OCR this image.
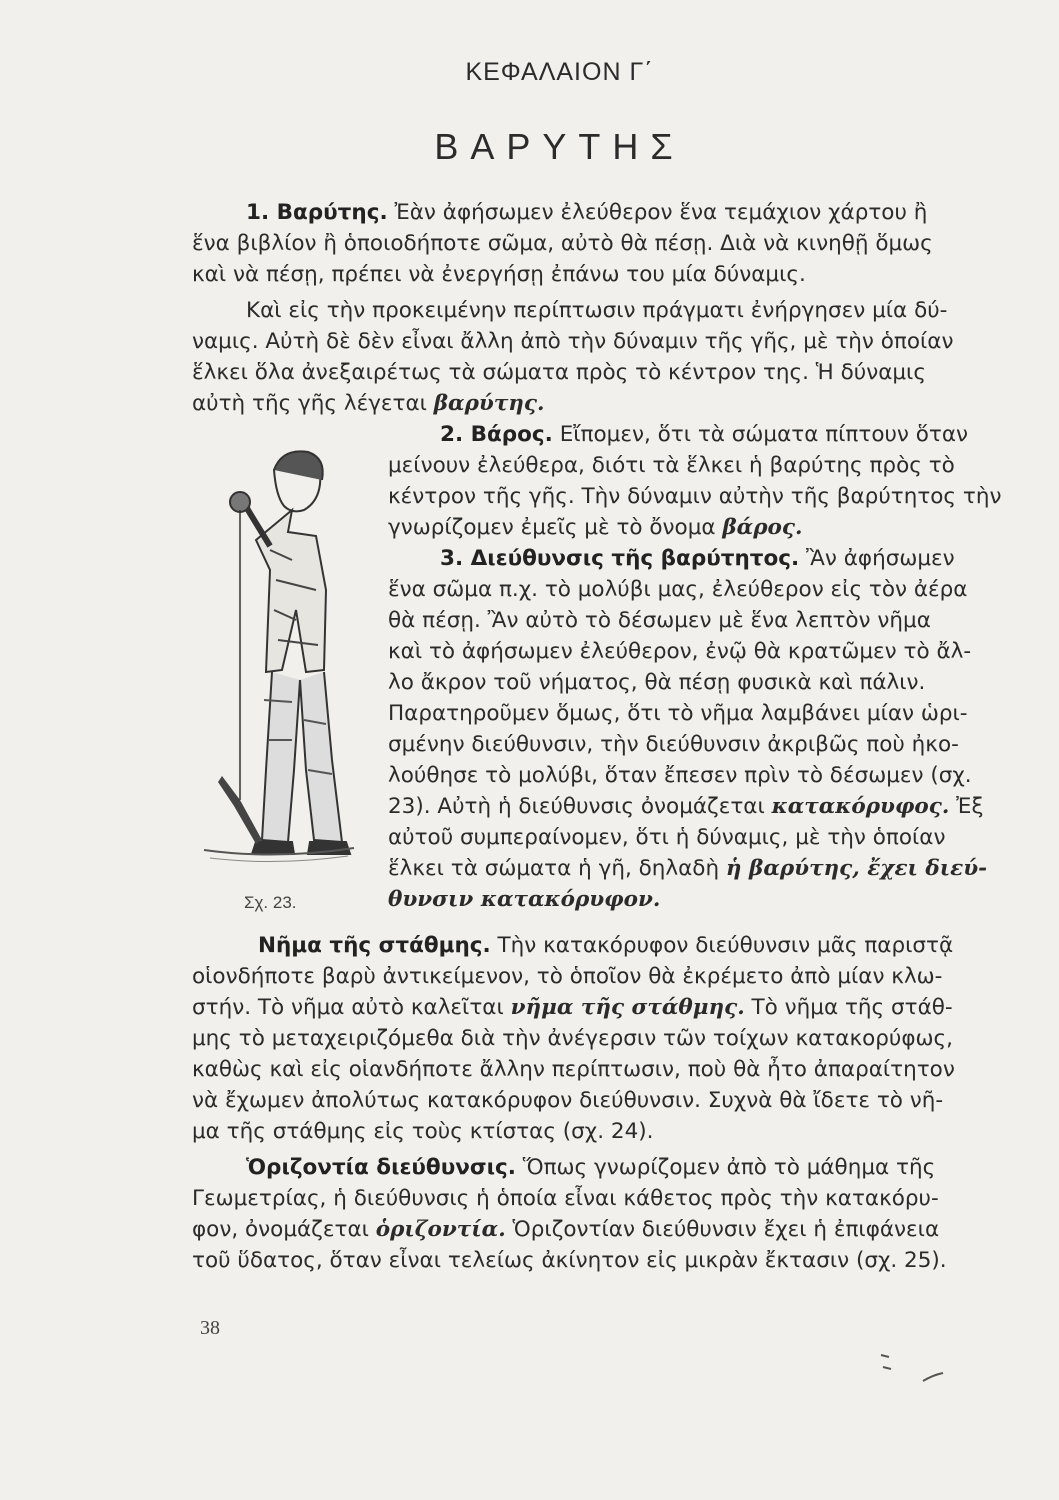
ΚΕΦΑΛΑΙΟΝ Γ΄
ΒΑΡΥΤΗΣ
1. Βαρύτης. Ἐὰν ἀφήσωμεν ἐλεύθερον ἕνα τεμάχιον χάρτου ἢ
ἕνα βιβλίον ἢ ὁποιοδήποτε σῶμα, αὐτὸ θὰ πέσῃ. Διὰ νὰ κινηθῇ ὅμως
καὶ νὰ πέσῃ, πρέπει νὰ ἐνεργήσῃ ἐπάνω του μία δύναμις.
Καὶ εἰς τὴν προκειμένην περίπτωσιν πράγματι ἐνήργησεν μία δύ-
ναμις. Αὐτὴ δὲ δὲν εἶναι ἄλλη ἀπὸ τὴν δύναμιν τῆς γῆς, μὲ τὴν ὁποίαν
ἕλκει ὅλα ἀνεξαιρέτως τὰ σώματα πρὸς τὸ κέντρον της. Ἡ δύναμις
αὐτὴ τῆς γῆς λέγεται βαρύτης.
2. Βάρος. Εἴπομεν, ὅτι τὰ σώματα πίπτουν ὅταν
μείνουν ἐλεύθερα, διότι τὰ ἕλκει ἡ βαρύτης πρὸς τὸ
κέντρον τῆς γῆς. Τὴν δύναμιν αὐτὴν τῆς βαρύτητος τὴν
γνωρίζομεν ἐμεῖς μὲ τὸ ὄνομα βάρος.
3. Διεύθυνσις τῆς βαρύτητος. Ἂν ἀφήσωμεν
ἕνα σῶμα π.χ. τὸ μολύβι μας, ἐλεύθερον εἰς τὸν ἀέρα
θὰ πέσῃ. Ἂν αὐτὸ τὸ δέσωμεν μὲ ἕνα λεπτὸν νῆμα
καὶ τὸ ἀφήσωμεν ἐλεύθερον, ἐνῷ θὰ κρατῶμεν τὸ ἄλ-
λο ἄκρον τοῦ νήματος, θὰ πέσῃ φυσικὰ καὶ πάλιν.
Παρατηροῦμεν ὅμως, ὅτι τὸ νῆμα λαμβάνει μίαν ὡρι-
σμένην διεύθυνσιν, τὴν διεύθυνσιν ἀκριβῶς ποὺ ἠκο-
λούθησε τὸ μολύβι, ὅταν ἔπεσεν πρὶν τὸ δέσωμεν (σχ.
23). Αὐτὴ ἡ διεύθυνσις ὀνομάζεται κατακόρυφος. Ἐξ
αὐτοῦ συμπεραίνομεν, ὅτι ἡ δύναμις, μὲ τὴν ὁποίαν
ἕλκει τὰ σώματα ἡ γῆ, δηλαδὴ ἡ βαρύτης, ἔχει διεύ-
θυνσιν κατακόρυφον.
Σχ. 23.
Νῆμα τῆς στάθμης. Τὴν κατακόρυφον διεύθυνσιν μᾶς παριστᾷ
οἱονδήποτε βαρὺ ἀντικείμενον, τὸ ὁποῖον θὰ ἐκρέμετο ἀπὸ μίαν κλω-
στήν. Τὸ νῆμα αὐτὸ καλεῖται νῆμα τῆς στάθμης. Τὸ νῆμα τῆς στάθ-
μης τὸ μεταχειριζόμεθα διὰ τὴν ἀνέγερσιν τῶν τοίχων κατακορύφως,
καθὼς καὶ εἰς οἱανδήποτε ἄλλην περίπτωσιν, ποὺ θὰ ἦτο ἀπαραίτητον
νὰ ἔχωμεν ἀπολύτως κατακόρυφον διεύθυνσιν. Συχνὰ θὰ ἴδετε τὸ νῆ-
μα τῆς στάθμης εἰς τοὺς κτίστας (σχ. 24).
Ὁριζοντία διεύθυνσις. Ὅπως γνωρίζομεν ἀπὸ τὸ μάθημα τῆς
Γεωμετρίας, ἡ διεύθυνσις ἡ ὁποία εἶναι κάθετος πρὸς τὴν κατακόρυ-
φον, ὀνομάζεται ὁριζοντία. Ὁριζοντίαν διεύθυνσιν ἔχει ἡ ἐπιφάνεια
τοῦ ὕδατος, ὅταν εἶναι τελείως ἀκίνητον εἰς μικρὰν ἔκτασιν (σχ. 25).
38
